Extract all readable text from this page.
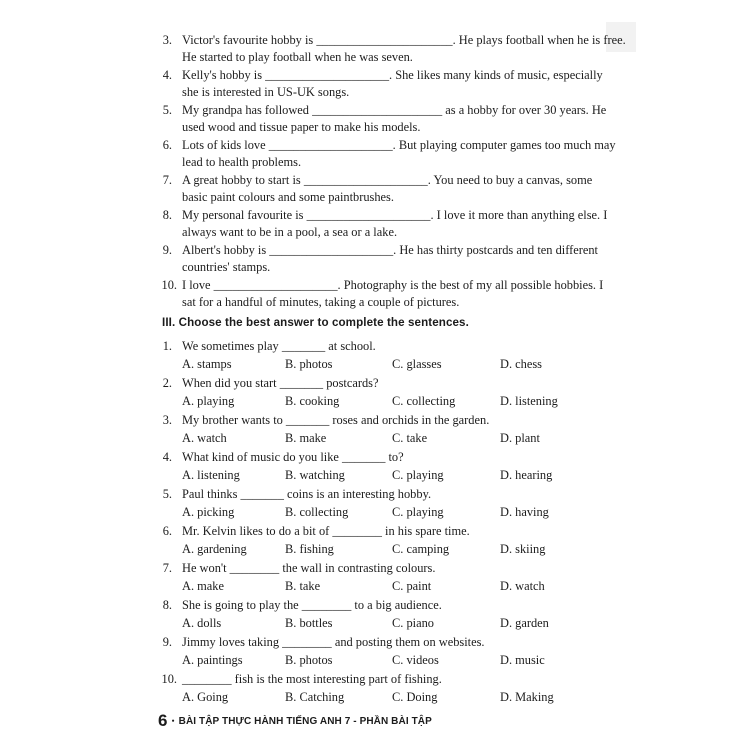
3. Victor's favourite hobby is ______________________. He plays football when he is free.
He started to play football when he was seven.
4. Kelly's hobby is ____________________. She likes many kinds of music, especially
she is interested in US-UK songs.
5. My grandpa has followed _____________________ as a hobby for over 30 years. He
used wood and tissue paper to make his models.
6. Lots of kids love ____________________. But playing computer games too much may
lead to health problems.
7. A great hobby to start is ____________________. You need to buy a canvas, some
basic paint colours and some paintbrushes.
8. My personal favourite is ____________________. I love it more than anything else. I
always want to be in a pool, a sea or a lake.
9. Albert's hobby is ____________________. He has thirty postcards and ten different
countries' stamps.
10. I love ____________________. Photography is the best of my all possible hobbies. I
sat for a handful of minutes, taking a couple of pictures.
III. Choose the best answer to complete the sentences.
1. We sometimes play _______ at school.
A. stamps	B. photos	C. glasses	D. chess
2. When did you start _______ postcards?
A. playing	B. cooking	C. collecting	D. listening
3. My brother wants to _______ roses and orchids in the garden.
A. watch	B. make	C. take	D. plant
4. What kind of music do you like _______ to?
A. listening	B. watching	C. playing	D. hearing
5. Paul thinks _______ coins is an interesting hobby.
A. picking	B. collecting	C. playing	D. having
6. Mr. Kelvin likes to do a bit of ________ in his spare time.
A. gardening	B. fishing	C. camping	D. skiing
7. He won't ________ the wall in contrasting colours.
A. make	B. take	C. paint	D. watch
8. She is going to play the ________ to a big audience.
A. dolls	B. bottles	C. piano	D. garden
9. Jimmy loves taking ________ and posting them on websites.
A. paintings	B. photos	C. videos	D. music
10. ________ fish is the most interesting part of fishing.
A. Going	B. Catching	C. Doing	D. Making
6 • BÀI TẬP THỰC HÀNH TIẾNG ANH 7 - PHẦN BÀI TẬP
